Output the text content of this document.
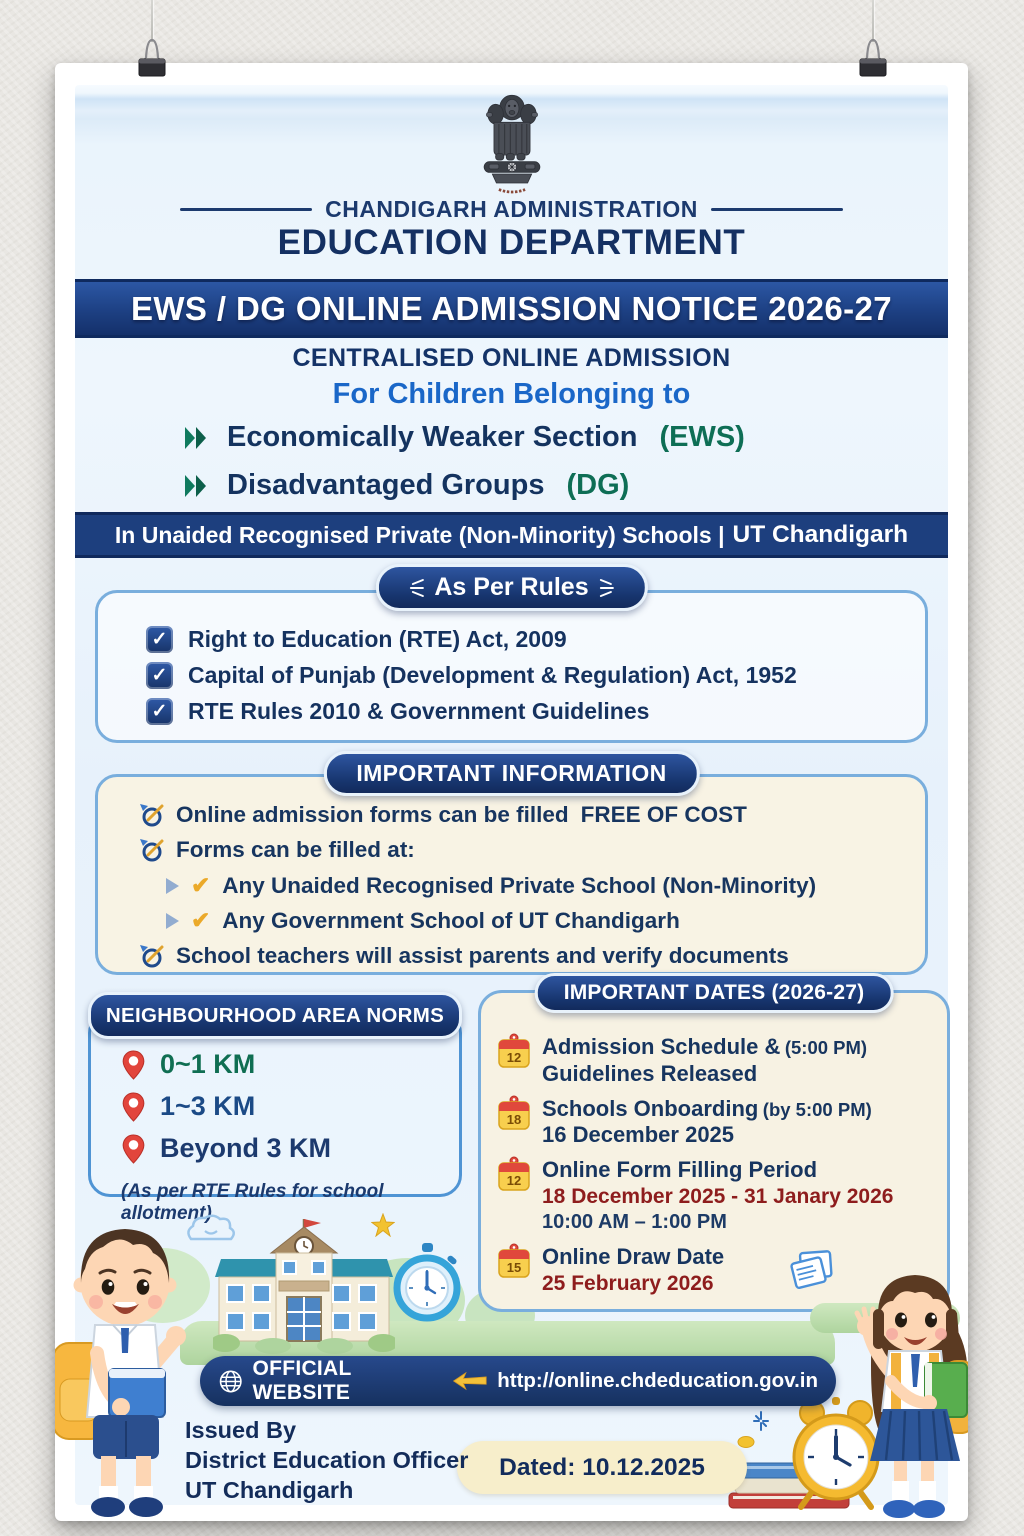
CHANDIGARH ADMINISTRATION
EDUCATION DEPARTMENT
EWS / DG ONLINE ADMISSION NOTICE 2026-27
CENTRALISED ONLINE ADMISSION
For Children Belonging to
Economically Weaker Section (EWS)
Disadvantaged Groups (DG)
In Unaided Recognised Private (Non-Minority) Schools | UT Chandigarh
As Per Rules
✓ Right to Education (RTE) Act, 2009
✓ Capital of Punjab (Development & Regulation) Act, 1952
✓ RTE Rules 2010 & Government Guidelines
IMPORTANT INFORMATION
Online admission forms can be filled FREE OF COST
Forms can be filled at:
✔ Any Unaided Recognised Private School (Non-Minority)
✔ Any Government School of UT Chandigarh
School teachers will assist parents and verify documents
NEIGHBOURHOOD AREA NORMS
0~1 KM
1~3 KM
Beyond 3 KM
(As per RTE Rules for school allotment)
IMPORTANT DATES (2026-27)
12 Admission Schedule & (5:00 PM)
Guidelines Released
18 Schools Onboarding (by 5:00 PM)
16 December 2025
12 Online Form Filling Period
18 December 2025 - 31 Janary 2026
10:00 AM – 1:00 PM
15 Online Draw Date
25 February 2026
OFFICIAL WEBSITE
http://online.chdeducation.gov.in
Issued By
District Education Officer
UT Chandigarh
Dated: 10.12.2025
